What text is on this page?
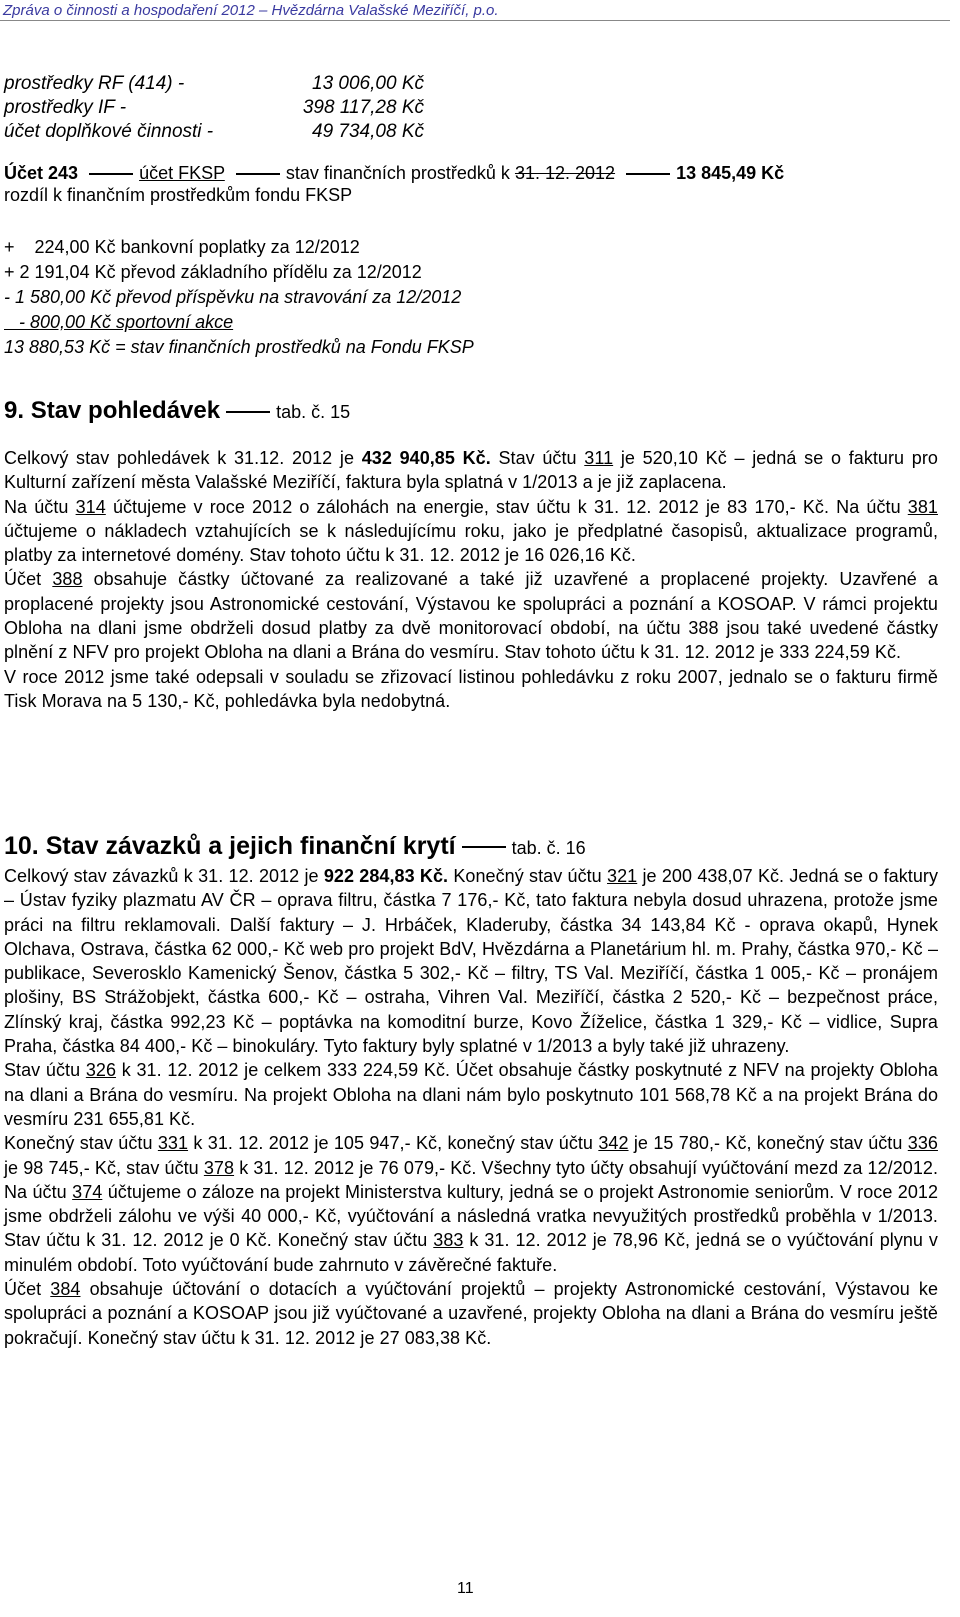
Zpráva o činnosti a hospodaření 2012 – Hvězdárna Valašské Meziříčí, p.o.
prostředky RF (414) -	13 006,00 Kč
prostředky IF -	398 117,28 Kč
účet doplňkové činnosti -	49 734,08 Kč
Účet 243	účet FKSP	stav finančních prostředků k 31. 12. 2012	13 845,49 Kč
rozdíl k finančním prostředkům fondu FKSP
+    224,00 Kč bankovní poplatky za 12/2012
+ 2 191,04 Kč převod základního přídělu za 12/2012
- 1 580,00 Kč převod příspěvku na stravování za 12/2012
- 800,00 Kč sportovní akce
13 880,53 Kč = stav finančních prostředků na Fondu FKSP
9. Stav pohledávek	tab. č. 15

Celkový stav pohledávek k 31.12. 2012 je 432 940,85 Kč. Stav účtu 311 je 520,10 Kč – jedná se o fakturu pro Kulturní zařízení města Valašské Meziříčí, faktura byla splatná v 1/2013 a je již zaplacena.

Na účtu 314 účtujeme v roce 2012 o zálohách na energie, stav účtu k 31. 12. 2012 je 83 170,- Kč. Na účtu 381 účtujeme o nákladech vztahujících se k následujícímu roku, jako je předplatné časopisů, aktualizace programů, platby za internetové domény. Stav tohoto účtu k 31. 12. 2012 je 16 026,16 Kč.

Účet 388 obsahuje částky účtované za realizované a také již uzavřené a proplacené projekty. Uzavřené a proplacené projekty jsou Astronomické cestování, Výstavou ke spolupráci a poznání a KOSOAP. V rámci projektu Obloha na dlani jsme obdrželi dosud platby za dvě monitorovací období, na účtu 388 jsou také uvedené částky plnění z NFV pro projekt Obloha na dlani a Brána do vesmíru. Stav tohoto účtu k 31. 12. 2012 je 333 224,59 Kč.

V roce 2012 jsme také odepsali v souladu se zřizovací listinou pohledávku z roku 2007, jednalo se o fakturu firmě Tisk Morava na 5 130,- Kč, pohledávka byla nedobytná.

10. Stav závazků a jejich finanční krytí	tab. č. 16

Celkový stav závazků k 31. 12. 2012 je 922 284,83 Kč. Konečný stav účtu 321 je 200 438,07 Kč. Jedná se o faktury – Ústav fyziky plazmatu AV ČR – oprava filtru, částka 7 176,- Kč, tato faktura nebyla dosud uhrazena, protože jsme práci na filtru reklamovali. Další faktury – J. Hrbáček, Kladeruby, částka 34 143,84 Kč - oprava okapů, Hynek Olchava, Ostrava, částka 62 000,- Kč web pro projekt BdV, Hvězdárna a Planetárium hl. m. Prahy, částka 970,- Kč – publikace, Severosklo Kamenický Šenov, částka 5 302,- Kč – filtry, TS Val. Meziříčí, částka 1 005,- Kč – pronájem plošiny, BS Strážobjekt, částka 600,- Kč – ostraha, Vihren Val. Meziříčí, částka 2 520,- Kč – bezpečnost práce, Zlínský kraj, částka 992,23 Kč – poptávka na komoditní burze, Kovo Žíželice, částka 1 329,- Kč – vidlice, Supra Praha, částka 84 400,- Kč – binokuláry. Tyto faktury byly splatné v 1/2013 a byly také již uhrazeny.

Stav účtu 326 k 31. 12. 2012 je celkem 333 224,59 Kč. Účet obsahuje částky poskytnuté z NFV na projekty Obloha na dlani a Brána do vesmíru. Na projekt Obloha na dlani nám bylo poskytnuto 101 568,78 Kč a na projekt Brána do vesmíru 231 655,81 Kč.

Konečný stav účtu 331 k 31. 12. 2012 je 105 947,- Kč, konečný stav účtu 342 je 15 780,- Kč, konečný stav účtu 336 je 98 745,- Kč, stav účtu 378 k 31. 12. 2012 je 76 079,- Kč. Všechny tyto účty obsahují vyúčtování mezd za 12/2012. Na účtu 374 účtujeme o záloze na projekt Ministerstva kultury, jedná se o projekt Astronomie seniorům. V roce 2012 jsme obdrželi zálohu ve výši 40 000,- Kč, vyúčtování a následná vratka nevyužitých prostředků proběhla v 1/2013. Stav účtu k 31. 12. 2012 je 0 Kč. Konečný stav účtu 383 k 31. 12. 2012 je 78,96 Kč, jedná se o vyúčtování plynu v minulém období. Toto vyúčtování bude zahrnuto v závěrečné faktuře.

Účet 384 obsahuje účtování o dotacích a vyúčtování projektů – projekty Astronomické cestování, Výstavou ke spolupráci a poznání a KOSOAP jsou již vyúčtované a uzavřené, projekty Obloha na dlani a Brána do vesmíru ještě pokračují. Konečný stav účtu k 31. 12. 2012 je 27 083,38 Kč.

11
